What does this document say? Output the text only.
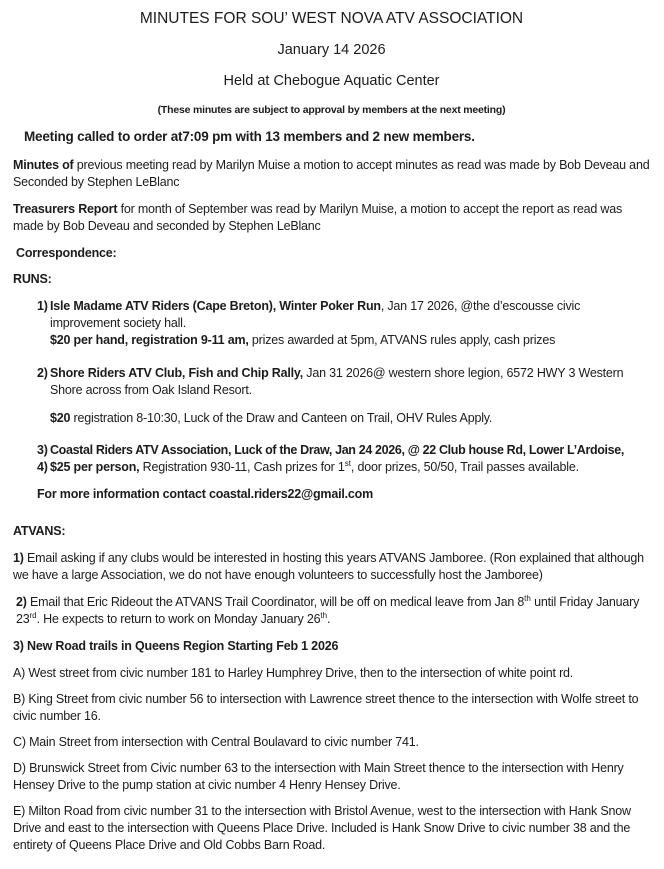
MINUTES FOR SOU’ WEST NOVA ATV ASSOCIATION

January 14 2026

Held at Chebogue Aquatic Center

(These minutes are subject to approval by members at the next meeting)

Meeting called to order at7:09 pm with 13 members and 2 new members.

Minutes of previous meeting read by Marilyn Muise a motion to accept minutes as read was made by Bob Deveau and Seconded by Stephen LeBlanc

Treasurers Report for month of September was read by Marilyn Muise, a motion to accept the report as read was made by Bob Deveau and seconded by Stephen LeBlanc

Correspondence:

RUNS:

1) Isle Madame ATV Riders (Cape Breton), Winter Poker Run, Jan 17 2026, @the d’escousse civic improvement society hall.
$20 per hand, registration 9-11 am, prizes awarded at 5pm, ATVANS rules apply, cash prizes
2) Shore Riders ATV Club, Fish and Chip Rally, Jan 31 2026@ western shore legion, 6572 HWY 3 Western Shore across from Oak Island Resort.

$20 registration 8-10:30, Luck of the Draw and Canteen on Trail, OHV Rules Apply.

3) Coastal Riders ATV Association, Luck of the Draw, Jan 24 2026, @ 22 Club house Rd, Lower L’Ardoise,
4) $25 per person, Registration 930-11, Cash prizes for 1st, door prizes, 50/50, Trail passes available.

For more information contact coastal.riders22@gmail.com

ATVANS:

1) Email asking if any clubs would be interested in hosting this years ATVANS Jamboree. (Ron explained that although we have a large Association, we do not have enough volunteers to successfully host the Jamboree)

2) Email that Eric Rideout the ATVANS Trail Coordinator, will be off on medical leave from Jan 8th until Friday January 23rd. He expects to return to work on Monday January 26th.

3) New Road trails in Queens Region Starting Feb 1 2026

A) West street from civic number 181 to Harley Humphrey Drive, then to the intersection of white point rd.

B) King Street from civic number 56 to intersection with Lawrence street thence to the intersection with Wolfe street to civic number 16.

C) Main Street from intersection with Central Boulavard to civic number 741.

D) Brunswick Street from Civic number 63 to the intersection with Main Street thence to the intersection with Henry Hensey Drive to the pump station at civic number 4 Henry Hensey Drive.

E) Milton Road from civic number 31 to the intersection with Bristol Avenue, west to the intersection with Hank Snow Drive and east to the intersection with Queens Place Drive. Included is Hank Snow Drive to civic number 38 and the entirety of Queens Place Drive and Old Cobbs Barn Road.
